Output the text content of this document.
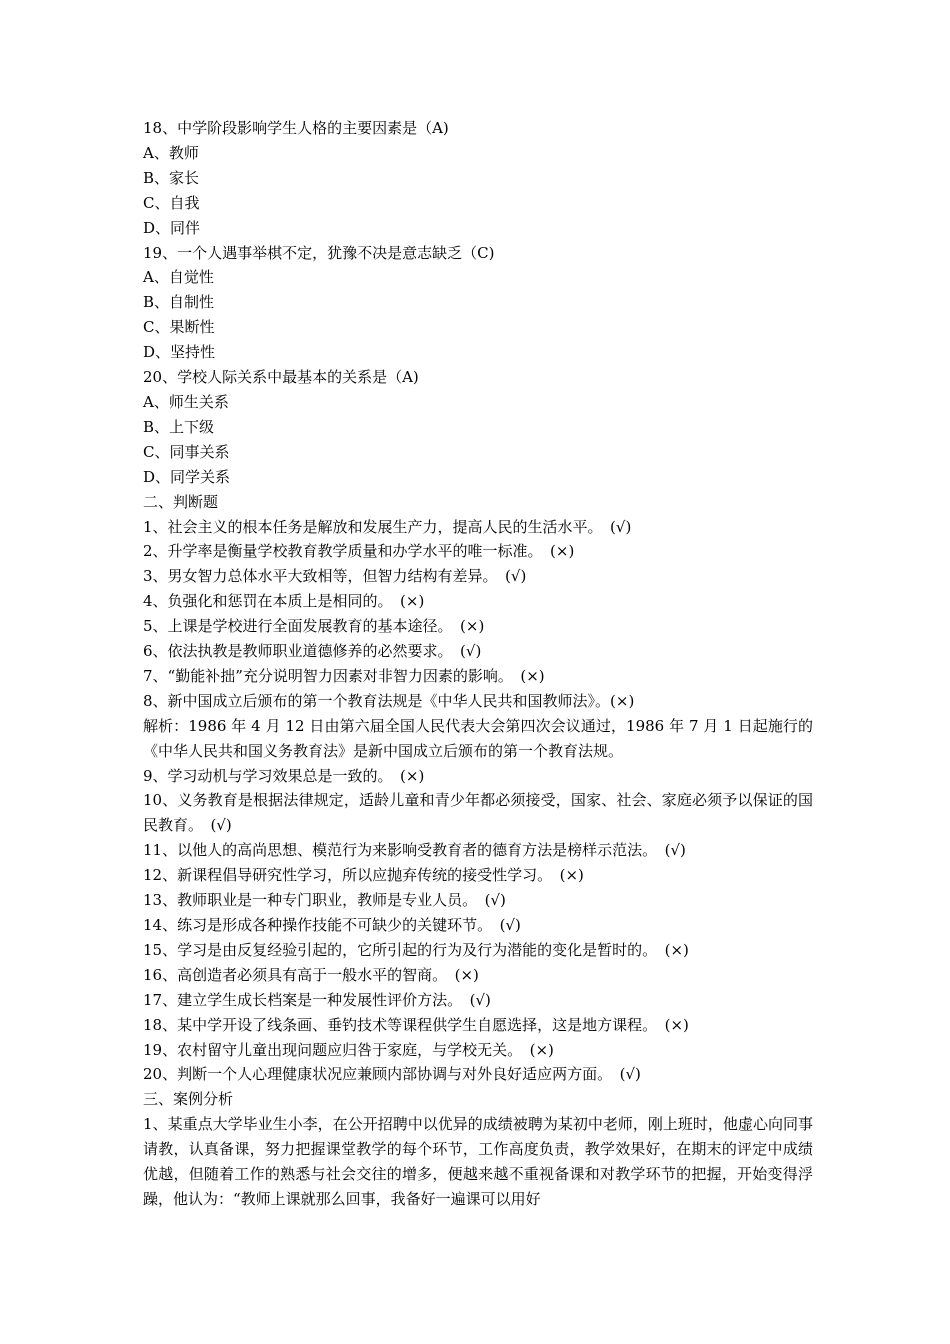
18、中学阶段影响学生人格的主要因素是（A)

A、教师

B、家长

C、自我

D、同伴

19、一个人遇事举棋不定，犹豫不决是意志缺乏（C)

A、自觉性

B、自制性

C、果断性

D、坚持性

20、学校人际关系中最基本的关系是（A)

A、师生关系

B、上下级

C、同事关系

D、同学关系

二、判断题

1、社会主义的根本任务是解放和发展生产力，提高人民的生活水平。　(√)

2、升学率是衡量学校教育教学质量和办学水平的唯一标准。　(×)

3、男女智力总体水平大致相等，但智力结构有差异。　(√)

4、负强化和惩罚在本质上是相同的。　(×)

5、上课是学校进行全面发展教育的基本途径。　(×)

6、依法执教是教师职业道德修养的必然要求。　(√)

7、“勤能补拙”充分说明智力因素对非智力因素的影响。　(×)

8、新中国成立后颁布的第一个教育法规是《中华人民共和国教师法》。(×)

解析：1986 年 4 月 12 日由第六届全国人民代表大会第四次会议通过，1986 年 7 月 1 日起施行的《中华人民共和国义务教育法》是新中国成立后颁布的第一个教育法规。

9、学习动机与学习效果总是一致的。　(×)

10、义务教育是根据法律规定，适龄儿童和青少年都必须接受，国家、社会、家庭必须予以保证的国民教育。　(√)

11、以他人的高尚思想、模范行为来影响受教育者的德育方法是榜样示范法。　(√)

12、新课程倡导研究性学习，所以应抛弃传统的接受性学习。　(×)

13、教师职业是一种专门职业，教师是专业人员。　(√)

14、练习是形成各种操作技能不可缺少的关键环节。　(√)

15、学习是由反复经验引起的，它所引起的行为及行为潜能的变化是暂时的。　(×)

16、高创造者必须具有高于一般水平的智商。　(×)

17、建立学生成长档案是一种发展性评价方法。　(√)

18、某中学开设了线条画、垂钓技术等课程供学生自愿选择，这是地方课程。　(×)

19、农村留守儿童出现问题应归咎于家庭，与学校无关。　(×)

20、判断一个人心理健康状况应兼顾内部协调与对外良好适应两方面。　(√)

三、案例分析

1、某重点大学毕业生小李，在公开招聘中以优异的成绩被聘为某初中老师，刚上班时，他虚心向同事请教，认真备课，努力把握课堂教学的每个环节，工作高度负责，教学效果好，在期末的评定中成绩优越，但随着工作的熟悉与社会交往的增多，便越来越不重视备课和对教学环节的把握，开始变得浮躁，他认为：“教师上课就那么回事，我备好一遍课可以用好
